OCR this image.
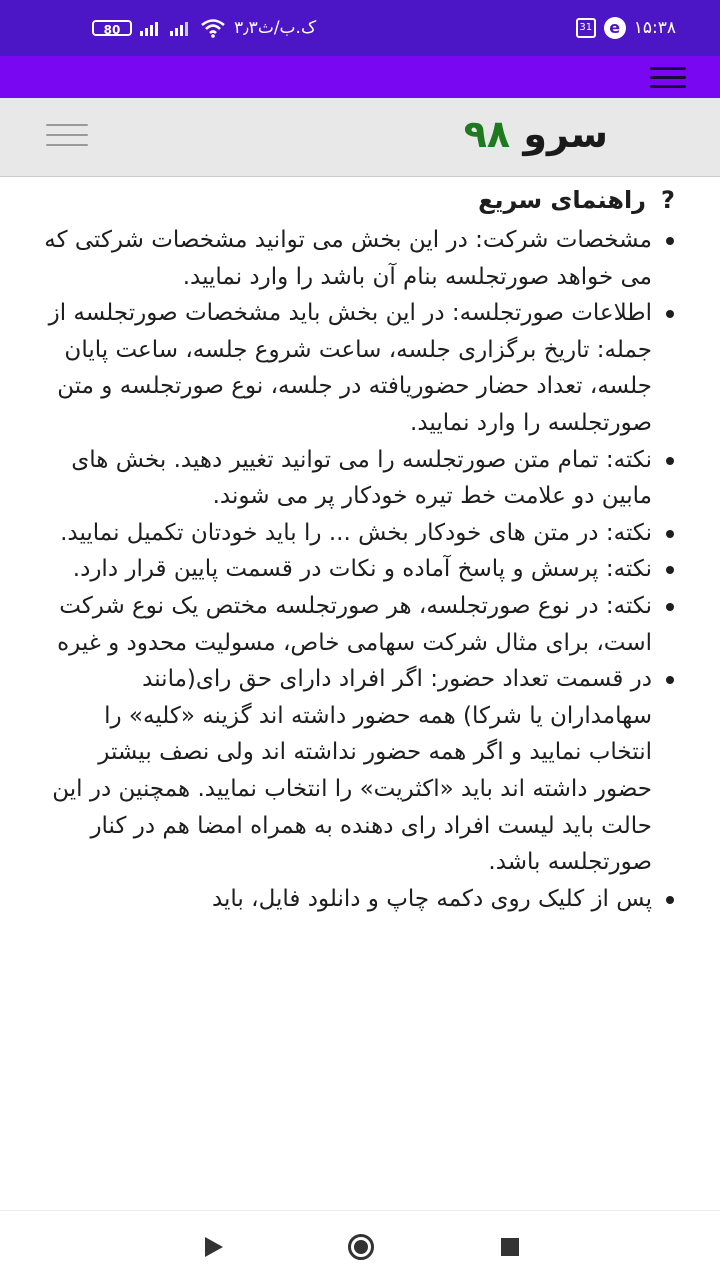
80	۳٫۳ک.ب/ث	31	e ۱۵:۳۸
سرو ۹۸
?
راهنمای سریع
مشخصات شرکت: در این بخش می توانید مشخصات شرکتی که می خواهد صورتجلسه بنام آن باشد را وارد نمایید.
اطلاعات صورتجلسه: در این بخش باید مشخصات صورتجلسه از جمله: تاریخ برگزاری جلسه، ساعت شروع جلسه، ساعت پایان جلسه، تعداد حضار حضوریافته در جلسه، نوع صورتجلسه و متن صورتجلسه را وارد نمایید.
نکته: تمام متن صورتجلسه را می توانید تغییر دهید. بخش های مابین دو علامت خط تیره خودکار پر می شوند.
نکته: در متن های خودکار بخش ... را باید خودتان تکمیل نمایید.
نکته: پرسش و پاسخ آماده و نکات در قسمت پایین قرار دارد.
نکته: در نوع صورتجلسه، هر صورتجلسه مختص یک نوع شرکت است، برای مثال شرکت سهامی خاص، مسولیت محدود و غیره
در قسمت تعداد حضور: اگر افراد دارای حق رای(مانند سهامداران یا شرکا) همه حضور داشته اند گزینه «کلیه» را انتخاب نمایید و اگر همه حضور نداشته اند ولی نصف بیشتر حضور داشته اند باید «اکثریت» را انتخاب نمایید. همچنین در این حالت باید لیست افراد رای دهنده به همراه امضا هم در کنار صورتجلسه باشد.
پس از کلیک روی دکمه چاپ و دانلود فایل، باید
